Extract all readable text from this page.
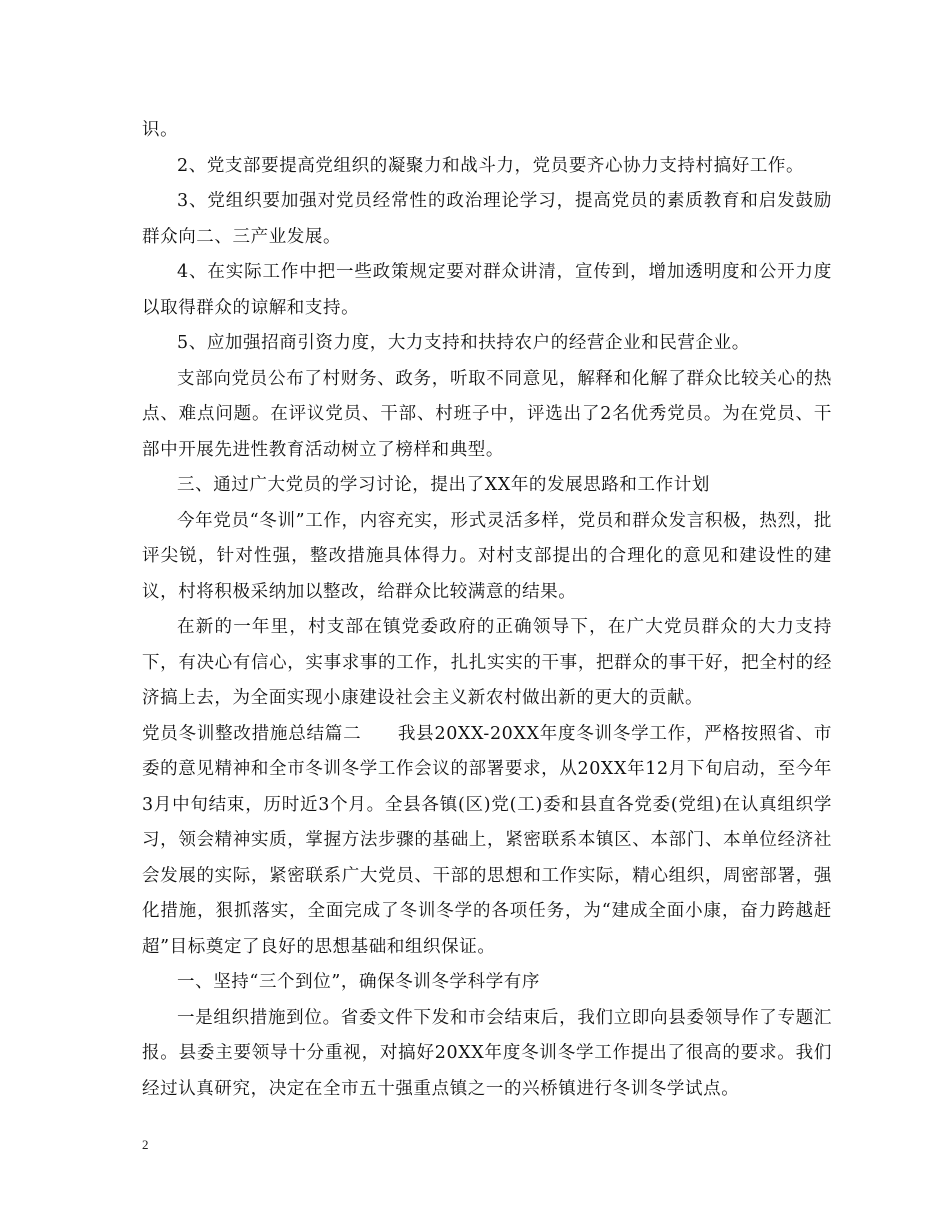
识。

2、党支部要提高党组织的凝聚力和战斗力，党员要齐心协力支持村搞好工作。

3、党组织要加强对党员经常性的政治理论学习，提高党员的素质教育和启发鼓励群众向二、三产业发展。

4、在实际工作中把一些政策规定要对群众讲清，宣传到，增加透明度和公开力度以取得群众的谅解和支持。

5、应加强招商引资力度，大力支持和扶持农户的经营企业和民营企业。

支部向党员公布了村财务、政务，听取不同意见，解释和化解了群众比较关心的热点、难点问题。在评议党员、干部、村班子中，评选出了2名优秀党员。为在党员、干部中开展先进性教育活动树立了榜样和典型。

三、通过广大党员的学习讨论，提出了XX年的发展思路和工作计划

今年党员“冬训”工作，内容充实，形式灵活多样，党员和群众发言积极，热烈，批评尖锐，针对性强，整改措施具体得力。对村支部提出的合理化的意见和建设性的建议，村将积极采纳加以整改，给群众比较满意的结果。

在新的一年里，村支部在镇党委政府的正确领导下，在广大党员群众的大力支持下，有决心有信心，实事求事的工作，扎扎实实的干事，把群众的事干好，把全村的经济搞上去，为全面实现小康建设社会主义新农村做出新的更大的贡献。

党员冬训整改措施总结篇二　　我县20XX-20XX年度冬训冬学工作，严格按照省、市委的意见精神和全市冬训冬学工作会议的部署要求，从20XX年12月下旬启动，至今年3月中旬结束，历时近3个月。全县各镇(区)党(工)委和县直各党委(党组)在认真组织学习，领会精神实质，掌握方法步骤的基础上，紧密联系本镇区、本部门、本单位经济社会发展的实际，紧密联系广大党员、干部的思想和工作实际，精心组织，周密部署，强化措施，狠抓落实，全面完成了冬训冬学的各项任务，为“建成全面小康，奋力跨越赶超”目标奠定了良好的思想基础和组织保证。

一、坚持“三个到位”，确保冬训冬学科学有序

一是组织措施到位。省委文件下发和市会结束后，我们立即向县委领导作了专题汇报。县委主要领导十分重视，对搞好20XX年度冬训冬学工作提出了很高的要求。我们经过认真研究，决定在全市五十强重点镇之一的兴桥镇进行冬训冬学试点。

2
